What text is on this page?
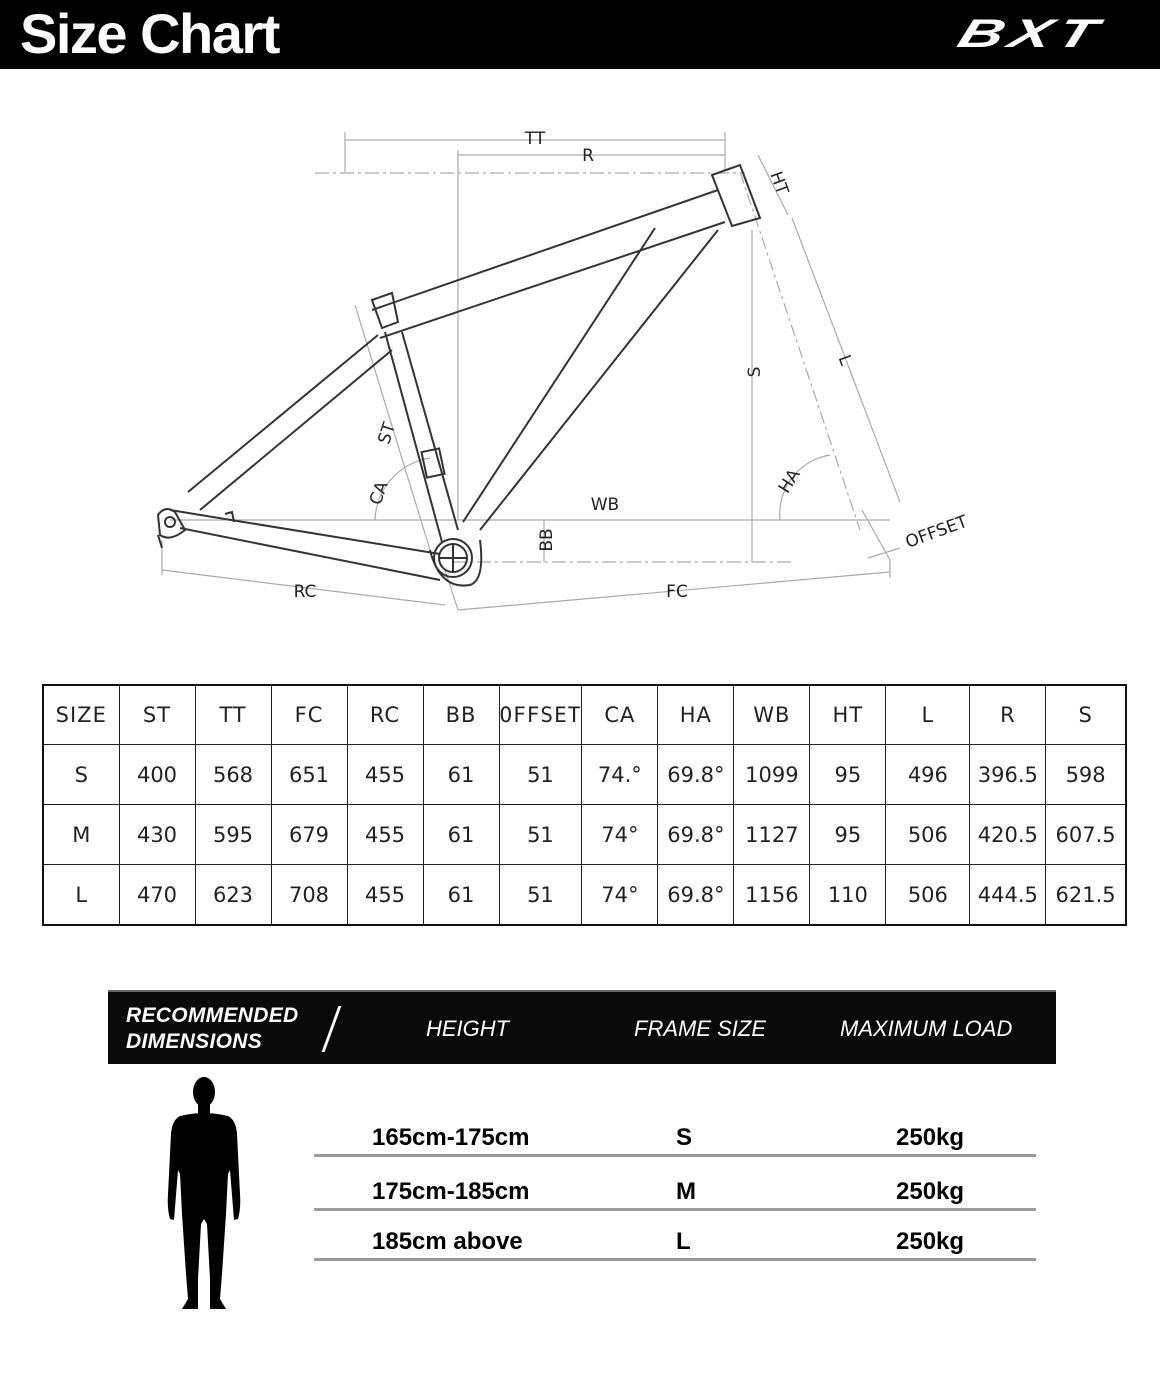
Size Chart	BXT
TT
R
HT
S
L
ST
CA	HA
WB
BB	OFFSET
RC	FC
SIZE	ST	TT	FC	RC	BB	OFFSET	CA	HA	WB	HT	L	R	S
S	400	568	651	455	61	51	74.°	69.8°	1099	95	496	396.5	598
M	430	595	679	455	61	51	74°	69.8°	1127	95	506	420.5	607.5
L	470	623	708	455	61	51	74°	69.8°	1156	110	506	444.5	621.5
RECOMMENDED
DIMENSIONS
HEIGHT	FRAME SIZE	MAXIMUM LOAD
165cm-175cm	S	250kg
175cm-185cm	M	250kg
185cm above	L	250kg
